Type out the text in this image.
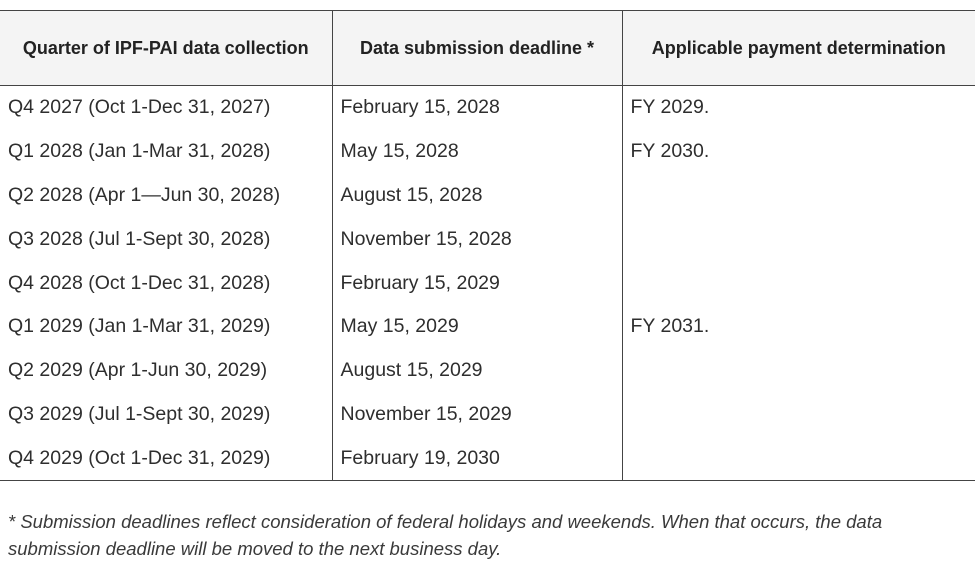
Quarter of IPF-PAI data collection	Data submission deadline *	Applicable payment determination
Q4 2027 (Oct 1-Dec 31, 2027)	February 15, 2028	FY 2029.
Q1 2028 (Jan 1-Mar 31, 2028)	May 15, 2028	FY 2030.
Q2 2028 (Apr 1—Jun 30, 2028)	August 15, 2028	
Q3 2028 (Jul 1-Sept 30, 2028)	November 15, 2028	
Q4 2028 (Oct 1-Dec 31, 2028)	February 15, 2029	
Q1 2029 (Jan 1-Mar 31, 2029)	May 15, 2029	FY 2031.
Q2 2029 (Apr 1-Jun 30, 2029)	August 15, 2029	
Q3 2029 (Jul 1-Sept 30, 2029)	November 15, 2029	
Q4 2029 (Oct 1-Dec 31, 2029)	February 19, 2030	
* Submission deadlines reflect consideration of federal holidays and weekends. When that occurs, the data submission deadline will be moved to the next business day.
